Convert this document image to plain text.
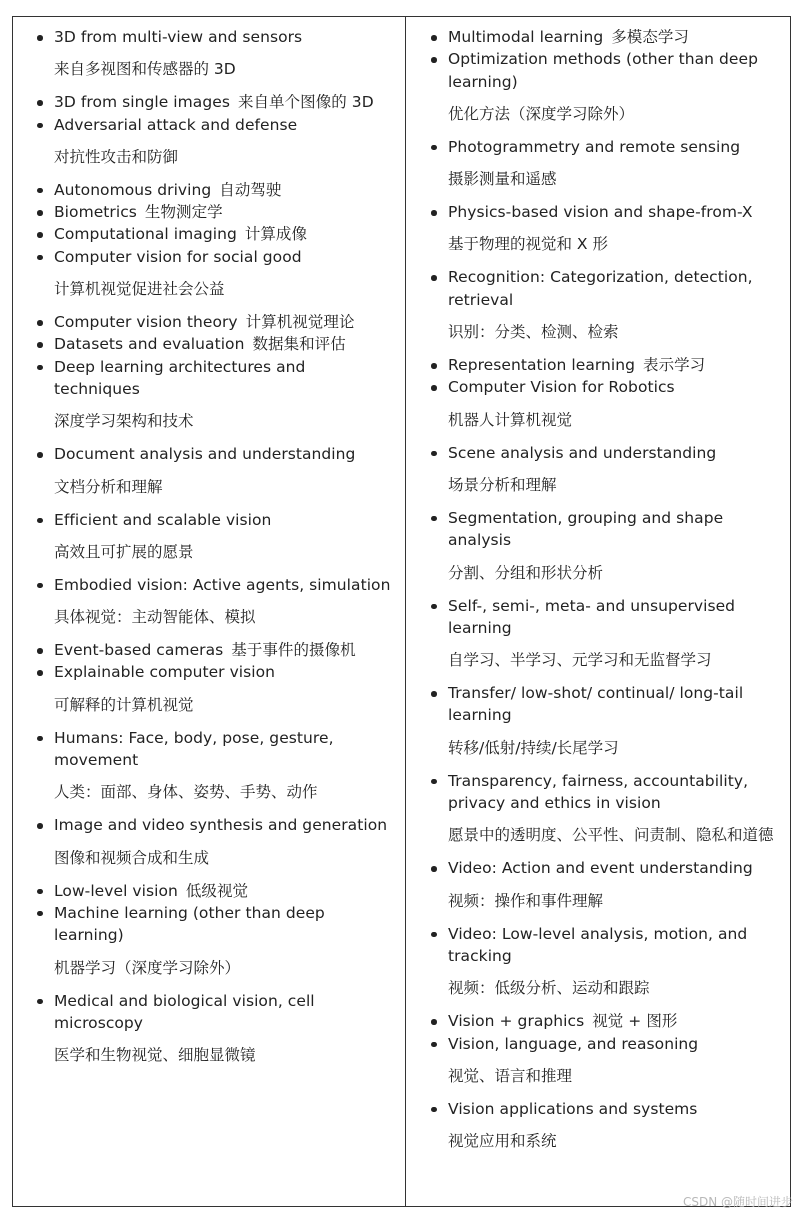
3D from multi-view and sensors
来自多视图和传感器的 3D
3D from single images 来自单个图像的 3D
Adversarial attack and defense
对抗性攻击和防御
Autonomous driving 自动驾驶
Biometrics 生物测定学
Computational imaging 计算成像
Computer vision for social good
计算机视觉促进社会公益
Computer vision theory 计算机视觉理论
Datasets and evaluation 数据集和评估
Deep learning architectures and techniques
深度学习架构和技术
Document analysis and understanding
文档分析和理解
Efficient and scalable vision
高效且可扩展的愿景
Embodied vision: Active agents, simulation
具体视觉：主动智能体、模拟
Event-based cameras 基于事件的摄像机
Explainable computer vision
可解释的计算机视觉
Humans: Face, body, pose, gesture, movement
人类：面部、身体、姿势、手势、动作
Image and video synthesis and generation
图像和视频合成和生成
Low-level vision 低级视觉
Machine learning (other than deep learning)
机器学习（深度学习除外）
Medical and biological vision, cell microscopy
医学和生物视觉、细胞显微镜
Multimodal learning 多模态学习
Optimization methods (other than deep learning)
优化方法（深度学习除外）
Photogrammetry and remote sensing
摄影测量和遥感
Physics-based vision and shape-from-X
基于物理的视觉和 X 形
Recognition: Categorization, detection, retrieval
识别：分类、检测、检索
Representation learning 表示学习
Computer Vision for Robotics
机器人计算机视觉
Scene analysis and understanding
场景分析和理解
Segmentation, grouping and shape analysis
分割、分组和形状分析
Self-, semi-, meta- and unsupervised learning
自学习、半学习、元学习和无监督学习
Transfer/ low-shot/ continual/ long-tail learning
转移/低射/持续/长尾学习
Transparency, fairness, accountability, privacy and ethics in vision
愿景中的透明度、公平性、问责制、隐私和道德
Video: Action and event understanding
视频：操作和事件理解
Video: Low-level analysis, motion, and tracking
视频：低级分析、运动和跟踪
Vision + graphics 视觉 + 图形
Vision, language, and reasoning
视觉、语言和推理
Vision applications and systems
视觉应用和系统
CSDN @随时间进步
